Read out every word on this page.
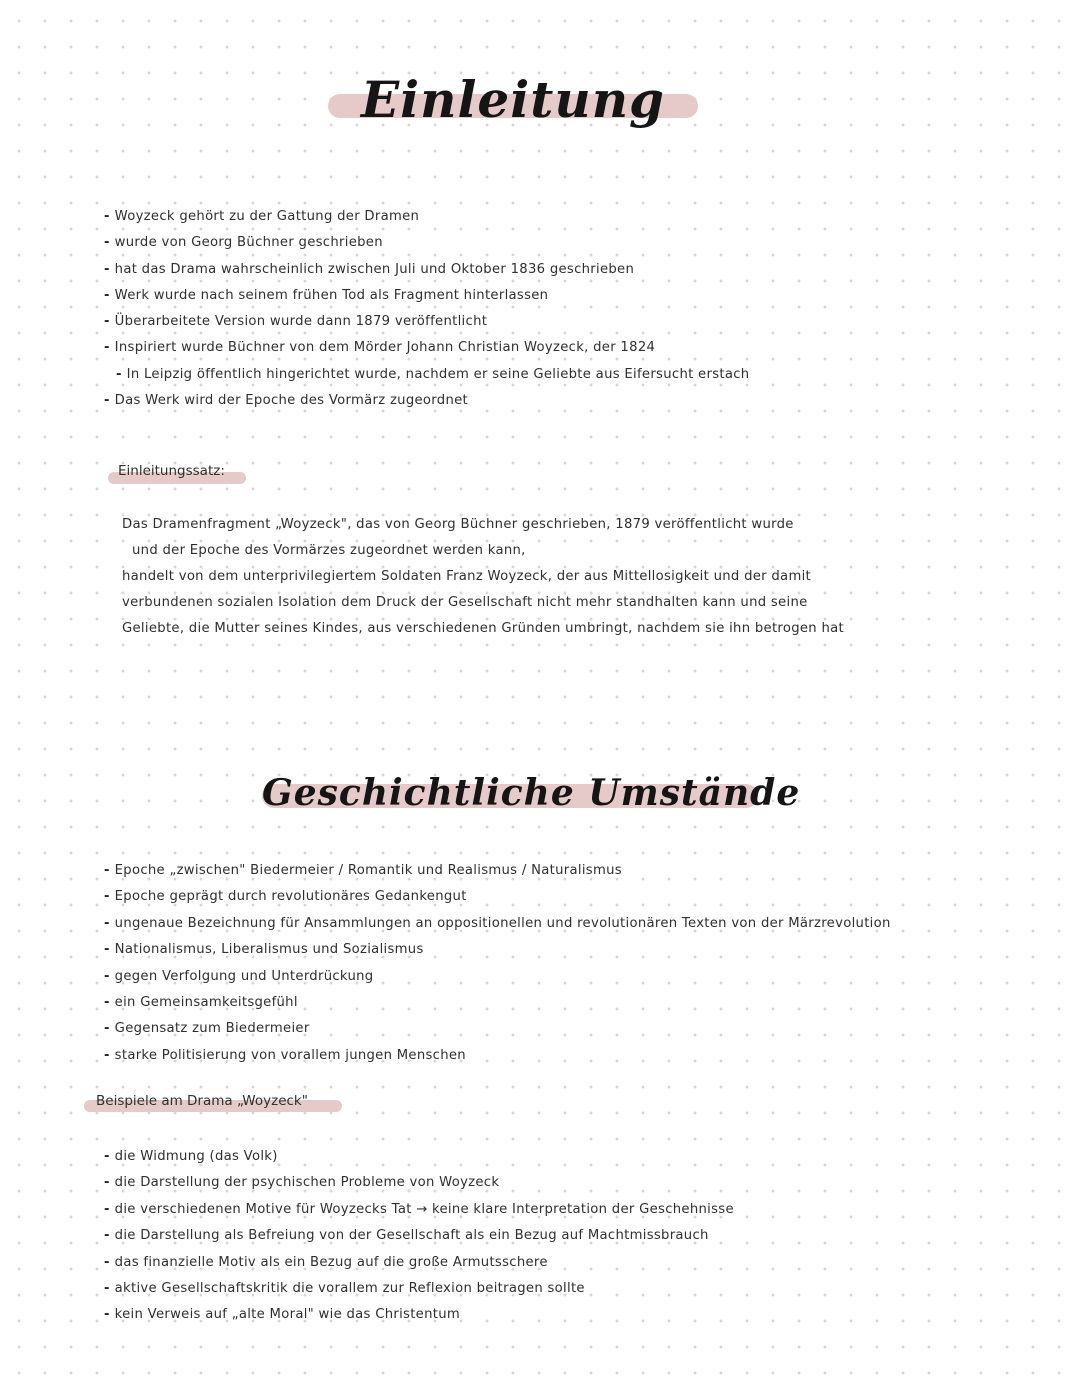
Einleitung
- Woyzeck gehört zu der Gattung der Dramen
- wurde von Georg Büchner geschrieben
- hat das Drama wahrscheinlich zwischen Juli und Oktober 1836 geschrieben
- Werk wurde nach seinem frühen Tod als Fragment hinterlassen
- Überarbeitete Version wurde dann 1879 veröffentlicht
- Inspiriert wurde Büchner von dem Mörder Johann Christian Woyzeck, der 1824
- In Leipzig öffentlich hingerichtet wurde, nachdem er seine Geliebte aus Eifersucht erstach
- Das Werk wird der Epoche des Vormärz zugeordnet
Einleitungssatz:
Das Dramenfragment „Woyzeck", das von Georg Büchner geschrieben, 1879 veröffentlicht wurde
und der Epoche des Vormärzes zugeordnet werden kann,
handelt von dem unterprivilegiertem Soldaten Franz Woyzeck, der aus Mittellosigkeit und der damit
verbundenen sozialen Isolation dem Druck der Gesellschaft nicht mehr standhalten kann und seine
Geliebte, die Mutter seines Kindes, aus verschiedenen Gründen umbringt, nachdem sie ihn betrogen hat
Geschichtliche Umstände
- Epoche „zwischen" Biedermeier / Romantik und Realismus / Naturalismus
- Epoche geprägt durch revolutionäres Gedankengut
- ungenaue Bezeichnung für Ansammlungen an oppositionellen und revolutionären Texten von der Märzrevolution
- Nationalismus, Liberalismus und Sozialismus
- gegen Verfolgung und Unterdrückung
- ein Gemeinsamkeitsgefühl
- Gegensatz zum Biedermeier
- starke Politisierung von vorallem jungen Menschen
Beispiele am Drama „Woyzeck"
- die Widmung (das Volk)
- die Darstellung der psychischen Probleme von Woyzeck
- die verschiedenen Motive für Woyzecks Tat → keine klare Interpretation der Geschehnisse
- die Darstellung als Befreiung von der Gesellschaft als ein Bezug auf Machtmissbrauch
- das finanzielle Motiv als ein Bezug auf die große Armutsschere
- aktive Gesellschaftskritik die vorallem zur Reflexion beitragen sollte
- kein Verweis auf „alte Moral" wie das Christentum
